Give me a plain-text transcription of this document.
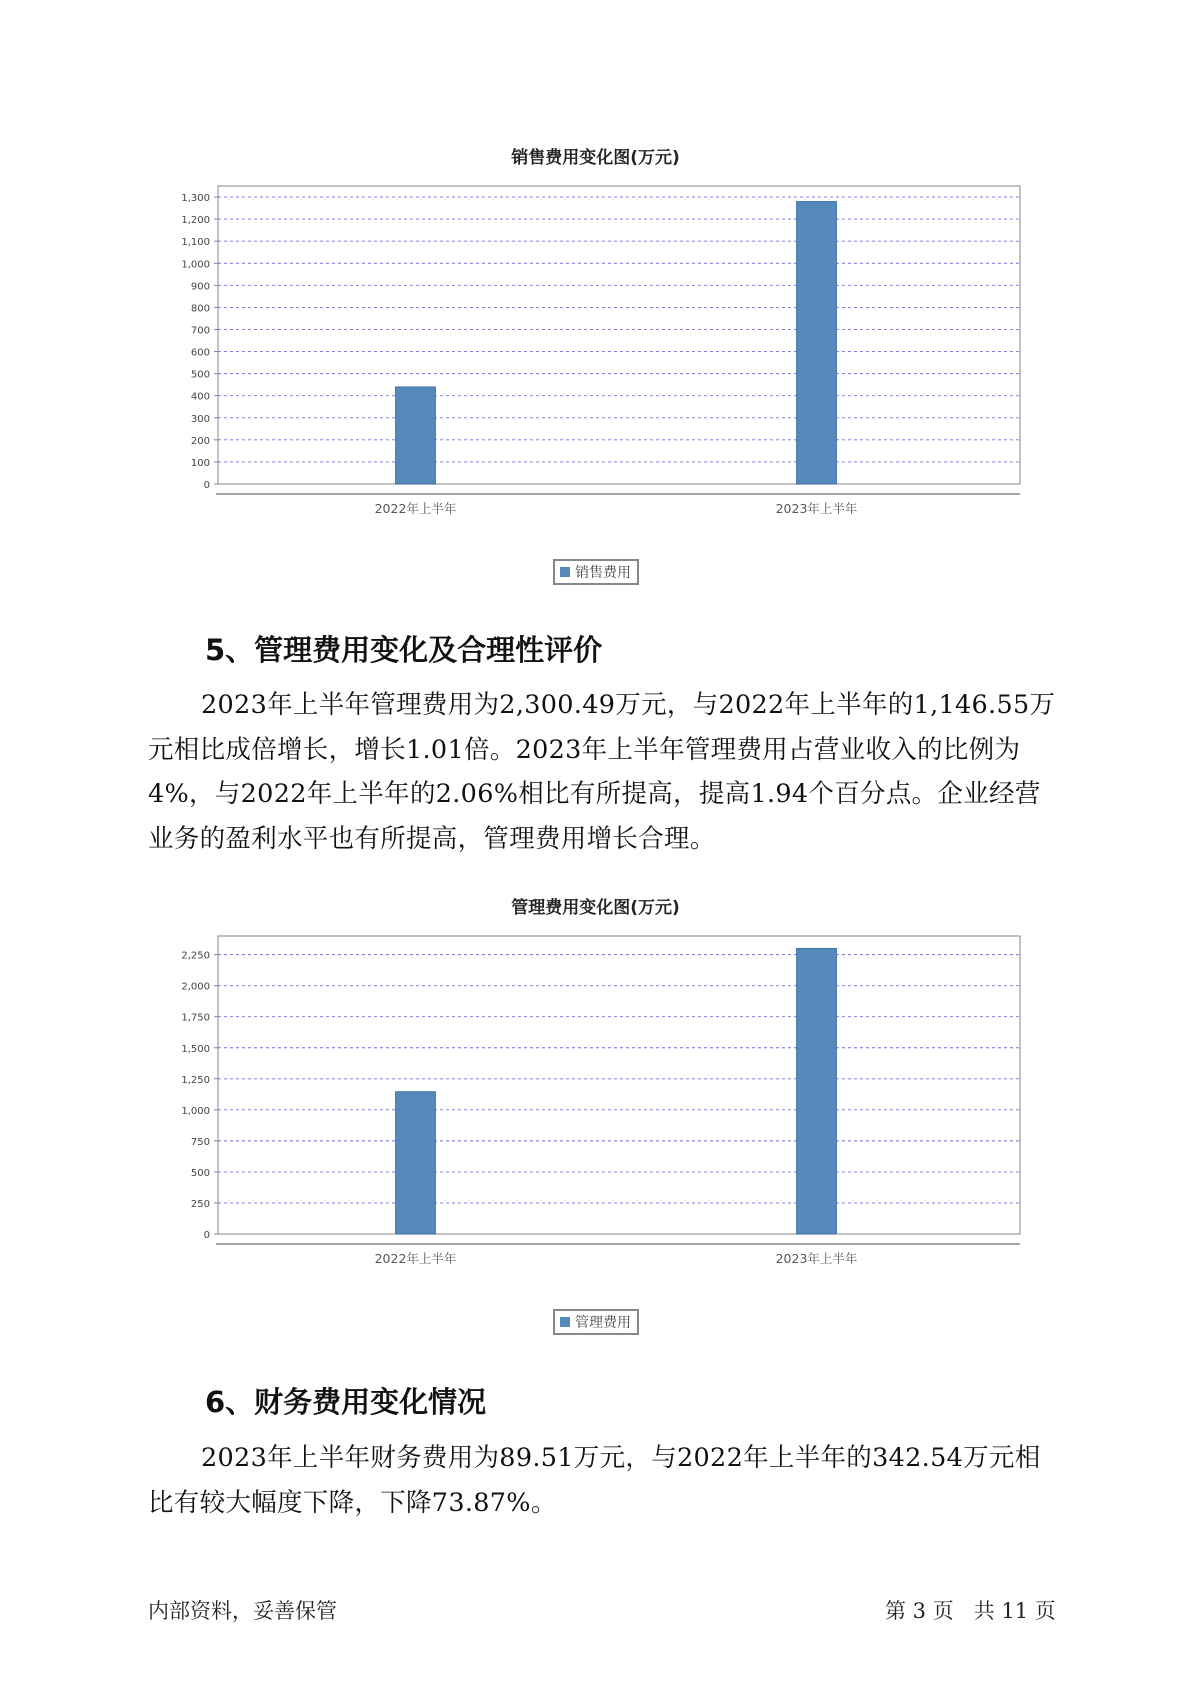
销售费用变化图(万元)
0
100
200
300
400
500
600
700
800
900
1,000
1,100
1,200
1,300
2022年上半年	2023年上半年
销售费用
5、管理费用变化及合理性评价
2023年上半年管理费用为2,300.49万元，与2022年上半年的1,146.55万元相比成倍增长，增长1.01倍。2023年上半年管理费用占营业收入的比例为4%，与2022年上半年的2.06%相比有所提高，提高1.94个百分点。企业经营业务的盈利水平也有所提高，管理费用增长合理。
管理费用变化图(万元)
0
250
500
750
1,000
1,250
1,500
1,750
2,000
2,250
2022年上半年	2023年上半年
管理费用
6、财务费用变化情况
2023年上半年财务费用为89.51万元，与2022年上半年的342.54万元相比有较大幅度下降，下降73.87%。
内部资料，妥善保管	第 3 页   共 11 页
